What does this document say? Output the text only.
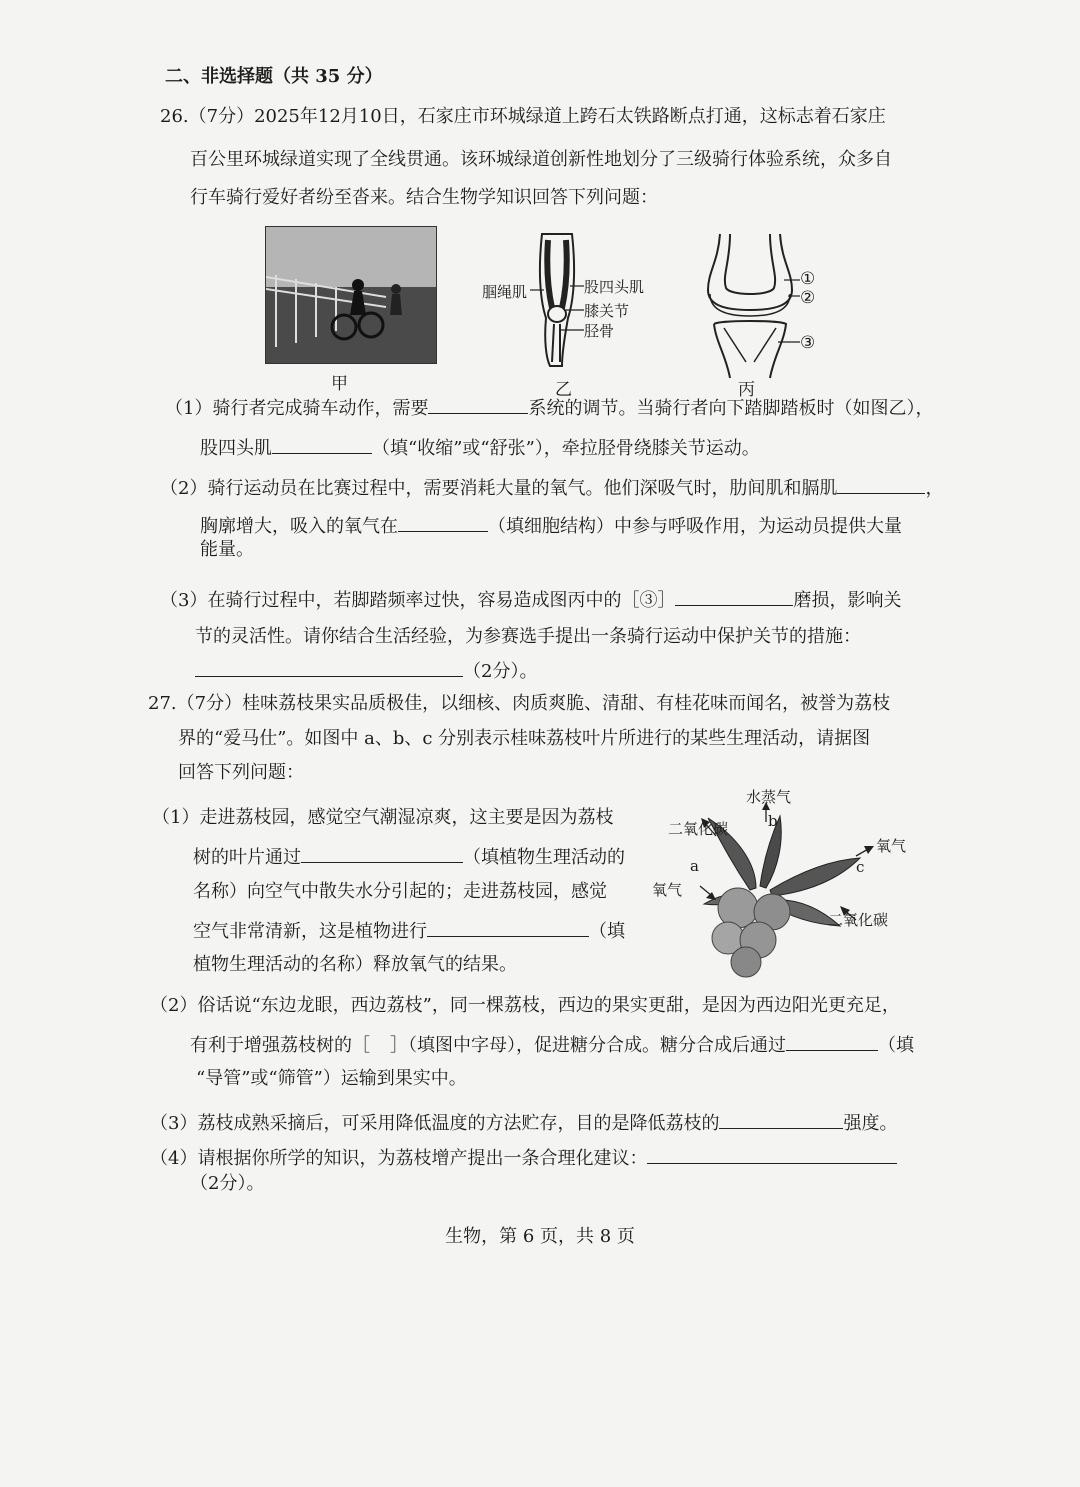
二、非选择题（共 35 分）
26.（7分）2025年12月10日，石家庄市环城绿道上跨石太铁路断点打通，这标志着石家庄
百公里环城绿道实现了全线贯通。该环城绿道创新性地划分了三级骑行体验系统，众多自
行车骑行爱好者纷至沓来。结合生物学知识回答下列问题：
甲
腘绳肌	股四头肌
膝关节
胫骨
乙
①
②
③
丙
（1）骑行者完成骑车动作，需要	系统的调节。当骑行者向下踏脚踏板时（如图乙），
股四头肌	（填“收缩”或“舒张”），牵拉胫骨绕膝关节运动。
（2）骑行运动员在比赛过程中，需要消耗大量的氧气。他们深吸气时，肋间肌和膈肌	，
胸廓增大，吸入的氧气在	（填细胞结构）中参与呼吸作用，为运动员提供大量
能量。
（3）在骑行过程中，若脚踏频率过快，容易造成图丙中的［③］	磨损，影响关
节的灵活性。请你结合生活经验，为参赛选手提出一条骑行运动中保护关节的措施：
（2分）。
27.（7分）桂味荔枝果实品质极佳，以细核、肉质爽脆、清甜、有桂花味而闻名，被誉为荔枝
界的“爱马仕”。如图中 a、b、c 分别表示桂味荔枝叶片所进行的某些生理活动，请据图
回答下列问题：
水蒸气
二氧化碳	b
氧气
c
a
氧气
二氧化碳
（1）走进荔枝园，感觉空气潮湿凉爽，这主要是因为荔枝
树的叶片通过	（填植物生理活动的
名称）向空气中散失水分引起的；走进荔枝园，感觉
空气非常清新，这是植物进行	（填
植物生理活动的名称）释放氧气的结果。
（2）俗话说“东边龙眼，西边荔枝”，同一棵荔枝，西边的果实更甜，是因为西边阳光更充足，
有利于增强荔枝树的［ ］（填图中字母），促进糖分合成。糖分合成后通过	（填
“导管”或“筛管”）运输到果实中。
（3）荔枝成熟采摘后，可采用降低温度的方法贮存，目的是降低荔枝的	强度。
（4）请根据你所学的知识，为荔枝增产提出一条合理化建议：
（2分）。
生物，第 6 页，共 8 页
